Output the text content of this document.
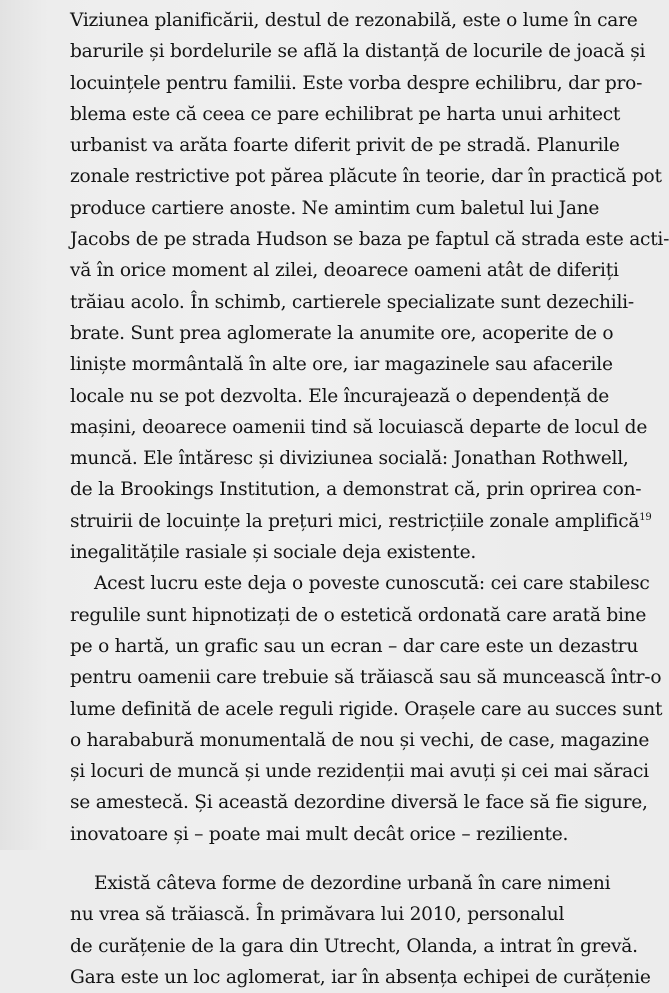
Viziunea planificării, destul de rezonabilă, este o lume în care
barurile și bordelurile se află la distanță de locurile de joacă și
locuințele pentru familii. Este vorba despre echilibru, dar pro-
blema este că ceea ce pare echilibrat pe harta unui arhitect
urbanist va arăta foarte diferit privit de pe stradă. Planurile
zonale restrictive pot părea plăcute în teorie, dar în practică pot
produce cartiere anoste. Ne amintim cum baletul lui Jane
Jacobs de pe strada Hudson se baza pe faptul că strada este acti-
vă în orice moment al zilei, deoarece oameni atât de diferiți
trăiau acolo. În schimb, cartierele specializate sunt dezechili-
brate. Sunt prea aglomerate la anumite ore, acoperite de o
liniște mormântală în alte ore, iar magazinele sau afacerile
locale nu se pot dezvolta. Ele încurajează o dependență de
mașini, deoarece oamenii tind să locuiască departe de locul de
muncă. Ele întăresc și diviziunea socială: Jonathan Rothwell,
de la Brookings Institution, a demonstrat că, prin oprirea con-
struirii de locuințe la prețuri mici, restricțiile zonale amplifică$^{19}$
inegalitățile rasiale și sociale deja existente.
Acest lucru este deja o poveste cunoscută: cei care stabilesc
regulile sunt hipnotizați de o estetică ordonată care arată bine
pe o hartă, un grafic sau un ecran – dar care este un dezastru
pentru oamenii care trebuie să trăiască sau să muncească într-o
lume definită de acele reguli rigide. Orașele care au succes sunt
o harababură monumentală de nou și vechi, de case, magazine
și locuri de muncă și unde rezidenții mai avuți și cei mai săraci
se amestecă. Și această dezordine diversă le face să fie sigure,
inovatoare și – poate mai mult decât orice – reziliente.
Există câteva forme de dezordine urbană în care nimeni
nu vrea să trăiască. În primăvara lui 2010, personalul
de curățenie de la gara din Utrecht, Olanda, a intrat în grevă.
Gara este un loc aglomerat, iar în absența echipei de curățenie
